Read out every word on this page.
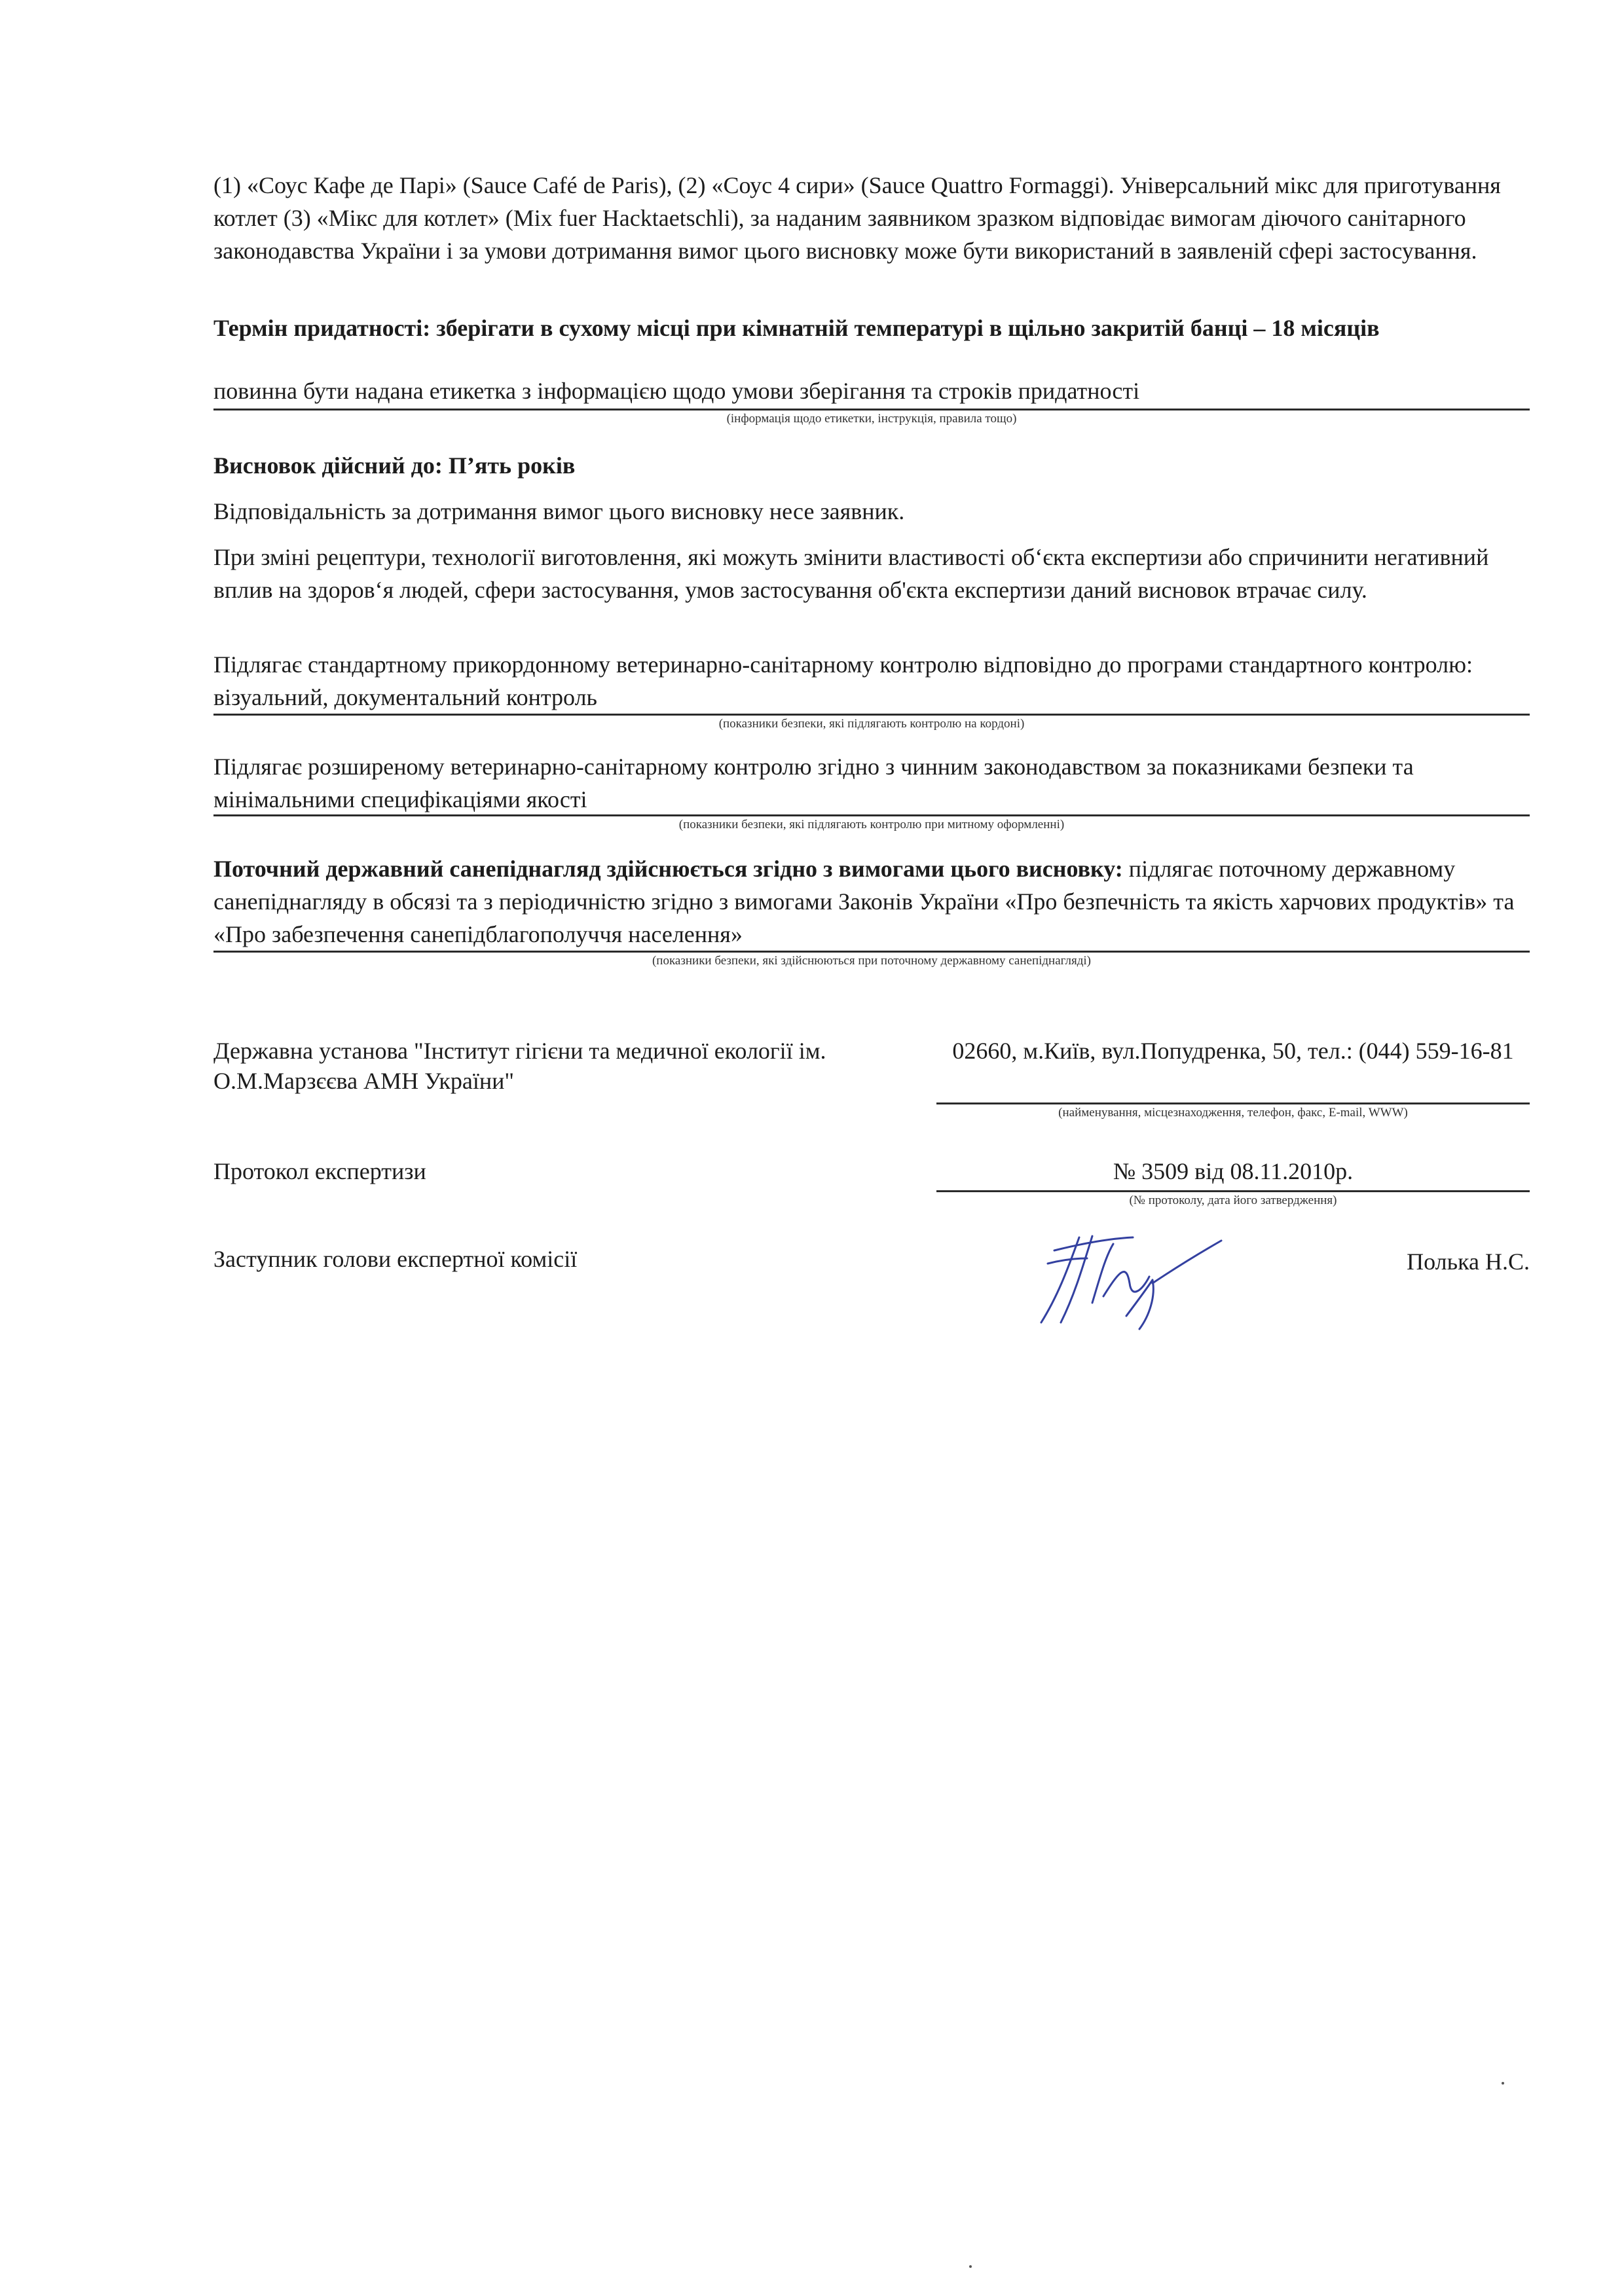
(1) «Соус Кафе де Парі» (Sauce Café de Paris), (2) «Соус 4 сири» (Sauce Quattro Formaggi). Універсальний мікс для приготування котлет (3) «Мікс для котлет» (Mix fuer Hacktaetschli), за наданим заявником зразком відповідає вимогам діючого санітарного законодавства України і за умови дотримання вимог цього висновку може бути використаний в заявленій сфері застосування.

Термін придатності: зберігати в сухому місці при кімнатній температурі в щільно закритій банці – 18 місяців

повинна бути надана етикетка з інформацією щодо умови зберігання та строків придатності

(інформація щодо етикетки, інструкція, правила тощо)

Висновок дійсний до: П’ять років

Відповідальність за дотримання вимог цього висновку несе заявник.

При зміні рецептури, технології виготовлення, які можуть змінити властивості об‘єкта експертизи або спричинити негативний вплив на здоров‘я людей, сфери застосування, умов застосування об'єкта експертизи даний висновок втрачає силу.

Підлягає стандартному прикордонному ветеринарно-санітарному контролю відповідно до програми стандартного контролю: візуальний, документальний контроль

(показники безпеки, які підлягають контролю на кордоні)

Підлягає розширеному ветеринарно-санітарному контролю згідно з чинним законодавством за показниками безпеки та мінімальними специфікаціями якості

(показники безпеки, які підлягають контролю при митному оформленні)

Поточний державний санепіднагляд здійснюється згідно з вимогами цього висновку: підлягає поточному державному санепіднагляду в обсязі та з періодичністю згідно з вимогами Законів України «Про безпечність та якість харчових продуктів» та «Про забезпечення санепідблагополуччя населення»

(показники безпеки, які здійснюються при поточному державному санепіднагляді)
Державна установа "Інститут гігієни та медичної екології ім. О.М.Марзєєва АМН України"
02660, м.Київ, вул.Попудренка, 50, тел.: (044) 559-16-81
(найменування, місцезнаходження, телефон, факс, E-mail, WWW)
Протокол експертизи	№ 3509 від 08.11.2010р.
(№ протоколу, дата його затвердження)
Заступник голови експертної комісії	Полька Н.С.
